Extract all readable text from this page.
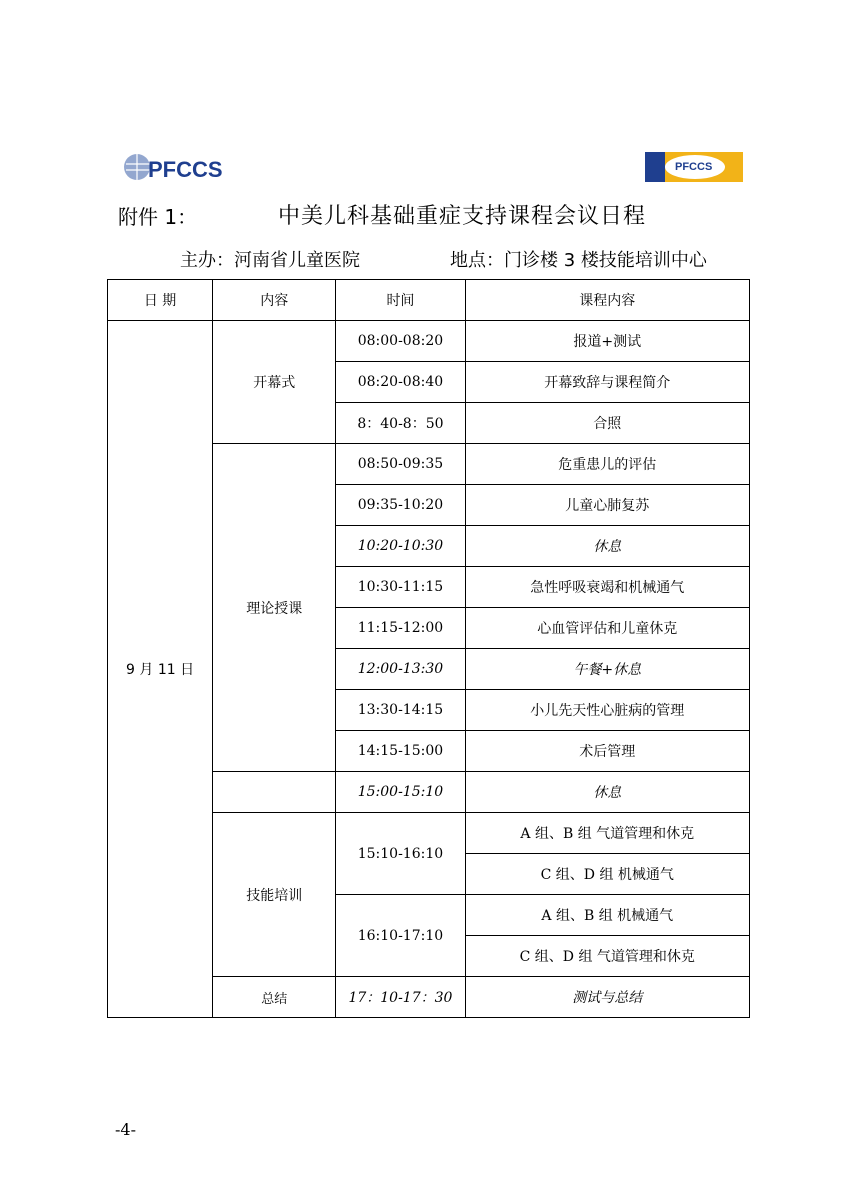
PFCCS	PFCCS
附件 1：	中美儿科基础重症支持课程会议日程
主办：河南省儿童医院	地点：门诊楼 3 楼技能培训中心
日 期	内容	时间	课程内容
9 月 11 日	开幕式	08:00-08:20	报道+测试
		08:20-08:40	开幕致辞与课程简介
		8：40-8：50	合照
	理论授课	08:50-09:35	危重患儿的评估
		09:35-10:20	儿童心肺复苏
		10:20-10:30	休息
		10:30-11:15	急性呼吸衰竭和机械通气
		11:15-12:00	心血管评估和儿童休克
		12:00-13:30	午餐+休息
		13:30-14:15	小儿先天性心脏病的管理
		14:15-15:00	术后管理
		15:00-15:10	休息
	技能培训	15:10-16:10	A 组、B 组 气道管理和休克
			C 组、D 组 机械通气
		16:10-17:10	A 组、B 组 机械通气
			C 组、D 组 气道管理和休克
	总结	17：10-17：30	测试与总结
-4-
